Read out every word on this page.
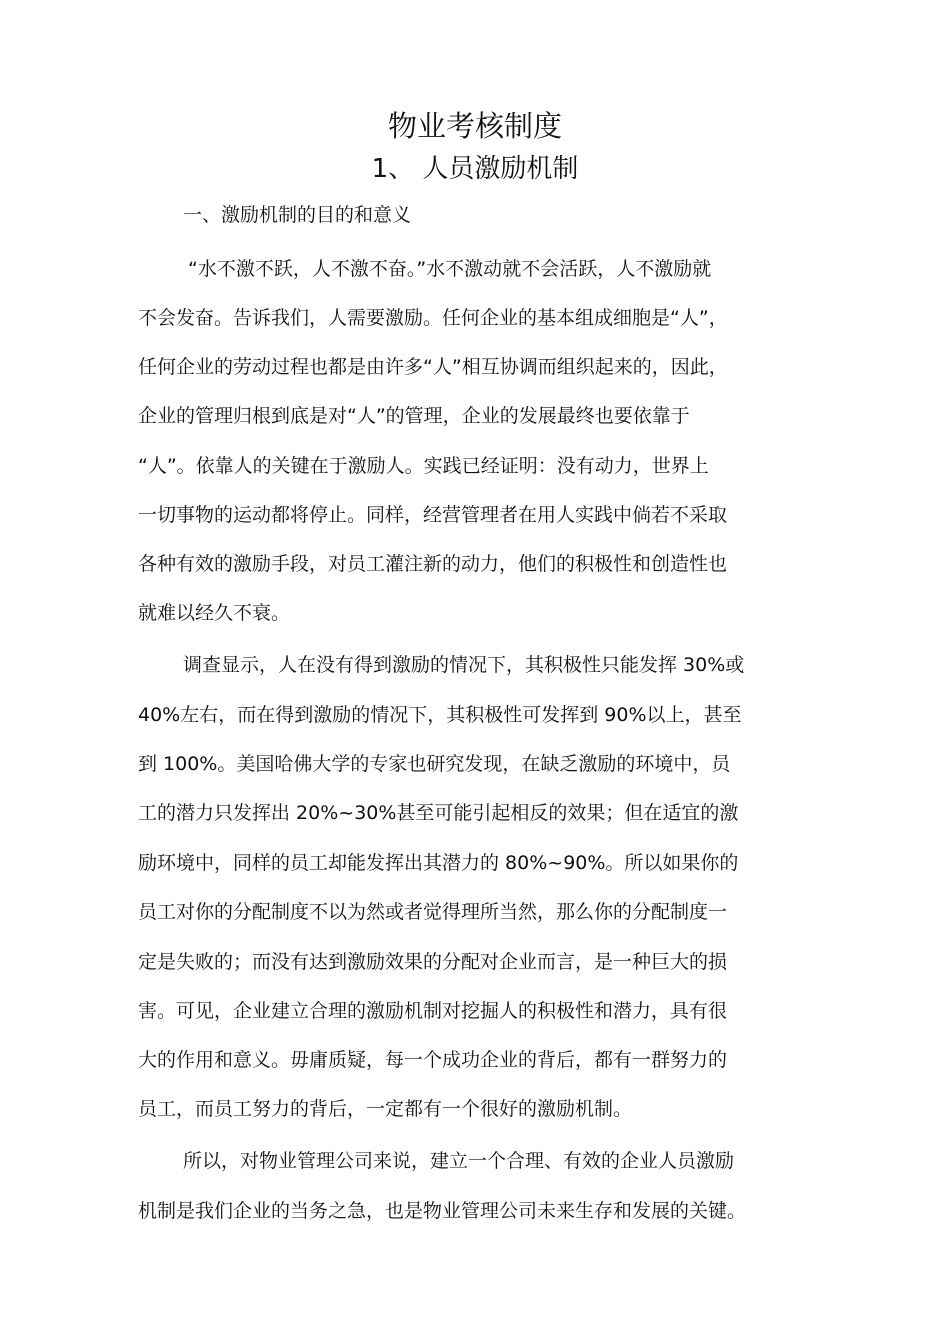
物业考核制度
1、 人员激励机制

一、激励机制的目的和意义

“水不激不跃，人不激不奋。”水不激动就不会活跃，人不激励就

不会发奋。告诉我们，人需要激励。任何企业的基本组成细胞是“人”，

任何企业的劳动过程也都是由许多“人”相互协调而组织起来的，因此，

企业的管理归根到底是对“人”的管理，企业的发展最终也要依靠于

“人”。依靠人的关键在于激励人。实践已经证明：没有动力，世界上

一切事物的运动都将停止。同样，经营管理者在用人实践中倘若不采取

各种有效的激励手段，对员工灌注新的动力，他们的积极性和创造性也

就难以经久不衰。

调查显示，人在没有得到激励的情况下，其积极性只能发挥 30%或

40%左右，而在得到激励的情况下，其积极性可发挥到 90%以上，甚至

到 100%。美国哈佛大学的专家也研究发现，在缺乏激励的环境中，员

工的潜力只发挥出 20%~30%甚至可能引起相反的效果；但在适宜的激

励环境中，同样的员工却能发挥出其潜力的 80%~90%。所以如果你的

员工对你的分配制度不以为然或者觉得理所当然，那么你的分配制度一

定是失败的；而没有达到激励效果的分配对企业而言，是一种巨大的损

害。可见，企业建立合理的激励机制对挖掘人的积极性和潜力，具有很

大的作用和意义。毋庸质疑，每一个成功企业的背后，都有一群努力的

员工，而员工努力的背后，一定都有一个很好的激励机制。

所以，对物业管理公司来说，建立一个合理、有效的企业人员激励

机制是我们企业的当务之急，也是物业管理公司未来生存和发展的关键。
